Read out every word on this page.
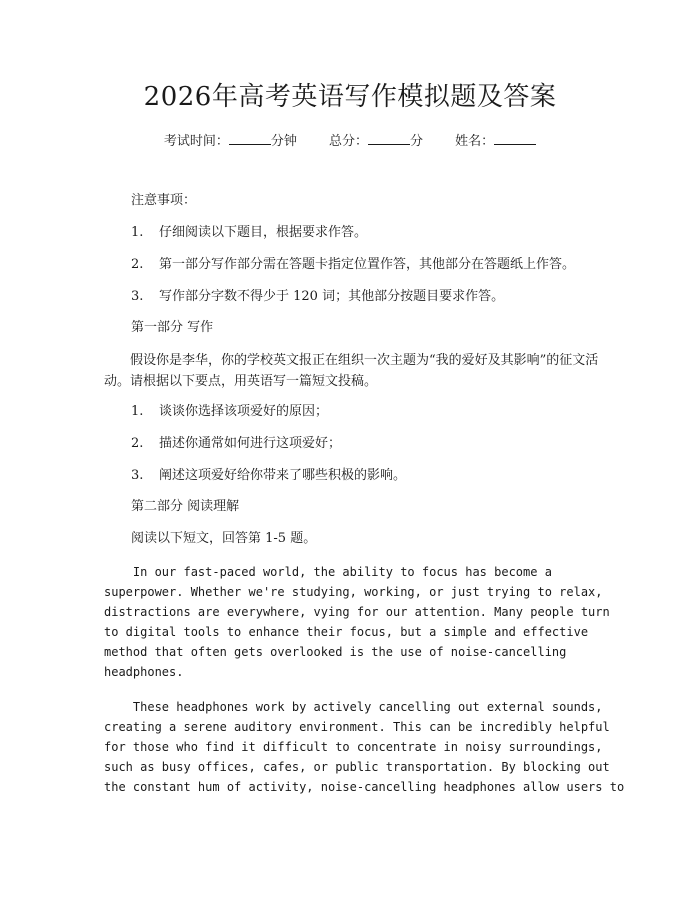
2026年高考英语写作模拟题及答案
考试时间：	分钟 总分：	分 姓名：
注意事项：
1. 仔细阅读以下题目，根据要求作答。
2. 第一部分写作部分需在答题卡指定位置作答，其他部分在答题纸上作答。
3. 写作部分字数不得少于 120 词；其他部分按题目要求作答。
第一部分 写作
假设你是李华，你的学校英文报正在组织一次主题为“我的爱好及其影响”的征文活动。请根据以下要点，用英语写一篇短文投稿。
1. 谈谈你选择该项爱好的原因；
2. 描述你通常如何进行这项爱好；
3. 阐述这项爱好给你带来了哪些积极的影响。
第二部分 阅读理解
阅读以下短文，回答第 1-5 题。
In our fast-paced world, the ability to focus has become a
superpower. Whether we're studying, working, or just trying to relax,
distractions are everywhere, vying for our attention. Many people turn
to digital tools to enhance their focus, but a simple and effective
method that often gets overlooked is the use of noise-cancelling
headphones.
These headphones work by actively cancelling out external sounds,
creating a serene auditory environment. This can be incredibly helpful
for those who find it difficult to concentrate in noisy surroundings,
such as busy offices, cafes, or public transportation. By blocking out
the constant hum of activity, noise-cancelling headphones allow users to
